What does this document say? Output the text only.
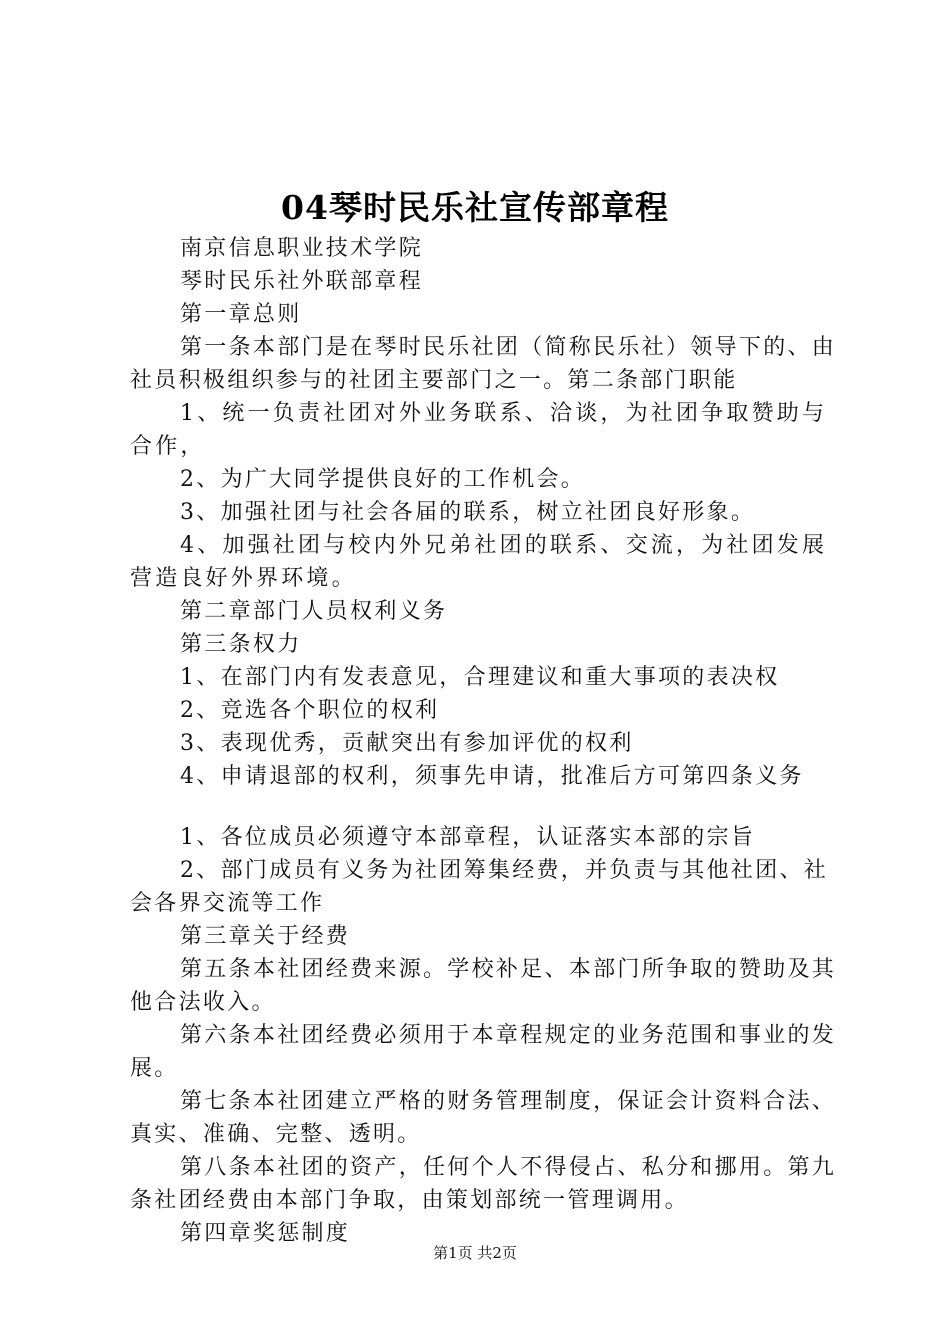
04琴时民乐社宣传部章程

南京信息职业技术学院

琴时民乐社外联部章程

第一章总则

第一条本部门是在琴时民乐社团（简称民乐社）领导下的、由社员积极组织参与的社团主要部门之一。第二条部门职能

1、统一负责社团对外业务联系、洽谈，为社团争取赞助与合作，

2、为广大同学提供良好的工作机会。

3、加强社团与社会各届的联系，树立社团良好形象。

4、加强社团与校内外兄弟社团的联系、交流，为社团发展营造良好外界环境。

第二章部门人员权利义务

第三条权力

1、在部门内有发表意见，合理建议和重大事项的表决权

2、竞选各个职位的权利

3、表现优秀，贡献突出有参加评优的权利

4、申请退部的权利，须事先申请，批准后方可第四条义务

1、各位成员必须遵守本部章程，认证落实本部的宗旨

2、部门成员有义务为社团筹集经费，并负责与其他社团、社会各界交流等工作

第三章关于经费

第五条本社团经费来源。学校补足、本部门所争取的赞助及其他合法收入。

第六条本社团经费必须用于本章程规定的业务范围和事业的发展。

第七条本社团建立严格的财务管理制度，保证会计资料合法、真实、准确、完整、透明。

第八条本社团的资产，任何个人不得侵占、私分和挪用。第九条社团经费由本部门争取，由策划部统一管理调用。

第四章奖惩制度

第1页 共2页
